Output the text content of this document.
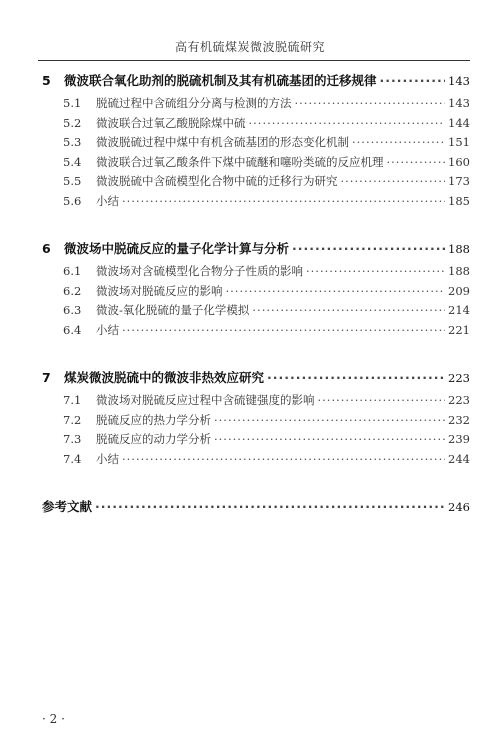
高有机硫煤炭微波脱硫研究
5	微波联合氧化助剂的脱硫机制及其有机硫基团的迁移规律 ·····	143
5.1	脱硫过程中含硫组分分离与检测的方法 ·····	143
5.2	微波联合过氧乙酸脱除煤中硫 ·····	144
5.3	微波脱硫过程中煤中有机含硫基团的形态变化机制 ·····	151
5.4	微波联合过氧乙酸条件下煤中硫醚和噻吩类硫的反应机理 ·····	160
5.5	微波脱硫中含硫模型化合物中硫的迁移行为研究 ·····	173
5.6	小结 ·····	185
6	微波场中脱硫反应的量子化学计算与分析 ·····	188
6.1	微波场对含硫模型化合物分子性质的影响 ·····	188
6.2	微波场对脱硫反应的影响 ·····	209
6.3	微波-氧化脱硫的量子化学模拟 ·····	214
6.4	小结 ·····	221
7	煤炭微波脱硫中的微波非热效应研究 ·····	223
7.1	微波场对脱硫反应过程中含硫键强度的影响 ·····	223
7.2	脱硫反应的热力学分析 ·····	232
7.3	脱硫反应的动力学分析 ·····	239
7.4	小结 ·····	244
参考文献 ·····	246
· 2 ·
